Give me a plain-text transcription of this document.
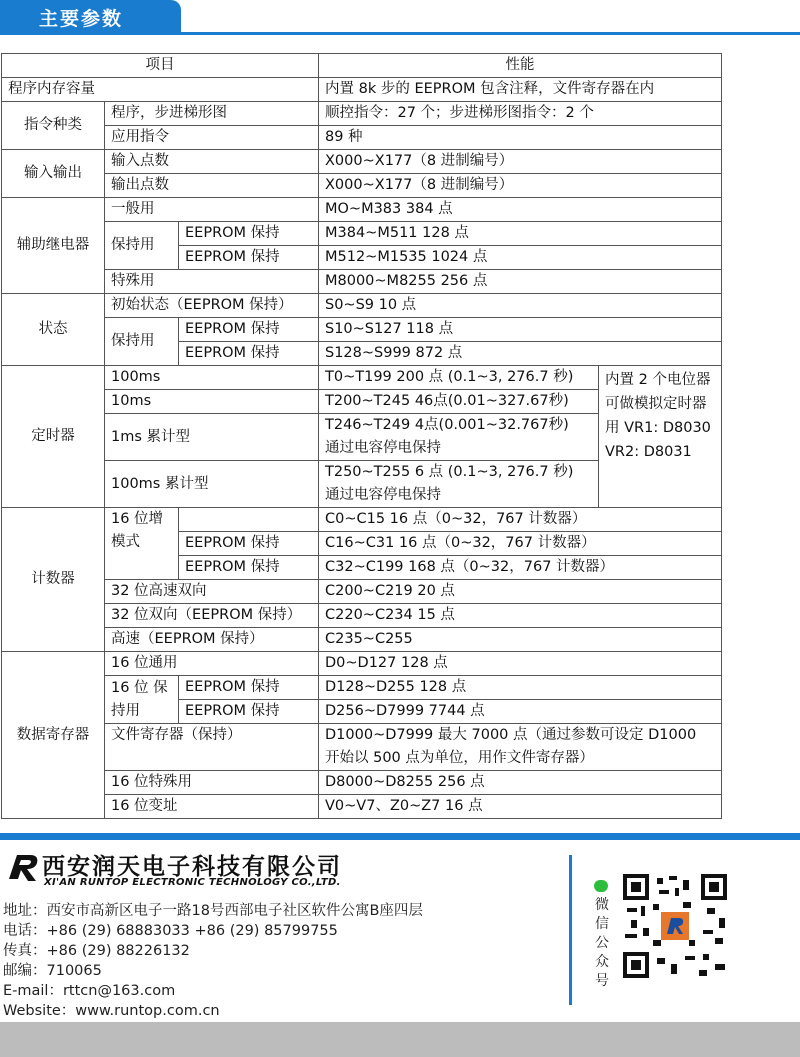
主要参数
项目			性能	
程序内存容量			内置 8k 步的 EEPROM 包含注释，文件寄存器在内	
指令种类	程序，步进梯形图		顺控指令：27 个；步进梯形图指令：2 个	
	应用指令		89 种	
输入输出	输入点数		X000~X177（8 进制编号）	
	输出点数		X000~X177（8 进制编号）	
辅助继电器	一般用		MO~M383 384 点	
	保持用	EEPROM 保持	M384~M511 128 点	
		EEPROM 保持	M512~M1535 1024 点	
	特殊用		M8000~M8255 256 点	
状态	初始状态（EEPROM 保持）		S0~S9 10 点	
	保持用	EEPROM 保持	S10~S127 118 点	
		EEPROM 保持	S128~S999 872 点	
定时器	100ms		T0~T199 200 点 (0.1~3, 276.7 秒)	内置 2 个电位器可做模拟定时器用 VR1: D8030 VR2: D8031
	10ms		T200~T245 46点(0.01~327.67秒)	
	1ms 累计型		T246~T249 4点(0.001~32.767秒)
通过电容停电保持	

	100ms 累计型		T250~T255 6 点 (0.1~3, 276.7 秒)
通过电容停电保持	

计数器	16 位增 模式		C0~C15 16 点（0~32，767 计数器）	
		EEPROM 保持	C16~C31 16 点（0~32，767 计数器）	
		EEPROM 保持	C32~C199 168 点（0~32，767 计数器）	
	32 位高速双向		C200~C219 20 点	
	32 位双向（EEPROM 保持）		C220~C234 15 点	
	高速（EEPROM 保持）		C235~C255	
数据寄存器	16 位通用		D0~D127 128 点	
	16 位 保持用	EEPROM 保持	D128~D255 128 点	
		EEPROM 保持	D256~D7999 7744 点	
	文件寄存器（保持）		D1000~D7999 最大 7000 点（通过参数可设定 D1000
开始以 500 点为单位，用作文件寄存器）	

	16 位特殊用		D8000~D8255 256 点	
	16 位变址		V0~V7、Z0~Z7 16 点	
西安润天电子科技有限公司
XI'AN RUNTOP ELECTRONIC TECHNOLOGY CO.,LTD.
地址：西安市高新区电子一路18号西部电子社区软件公寓B座四层
电话：+86 (29) 68883033 +86 (29) 85799755
传真：+86 (29) 88226132
邮编：710065
E-mail：rttcn@163.com
Website：www.runtop.com.cn
微信公众号
